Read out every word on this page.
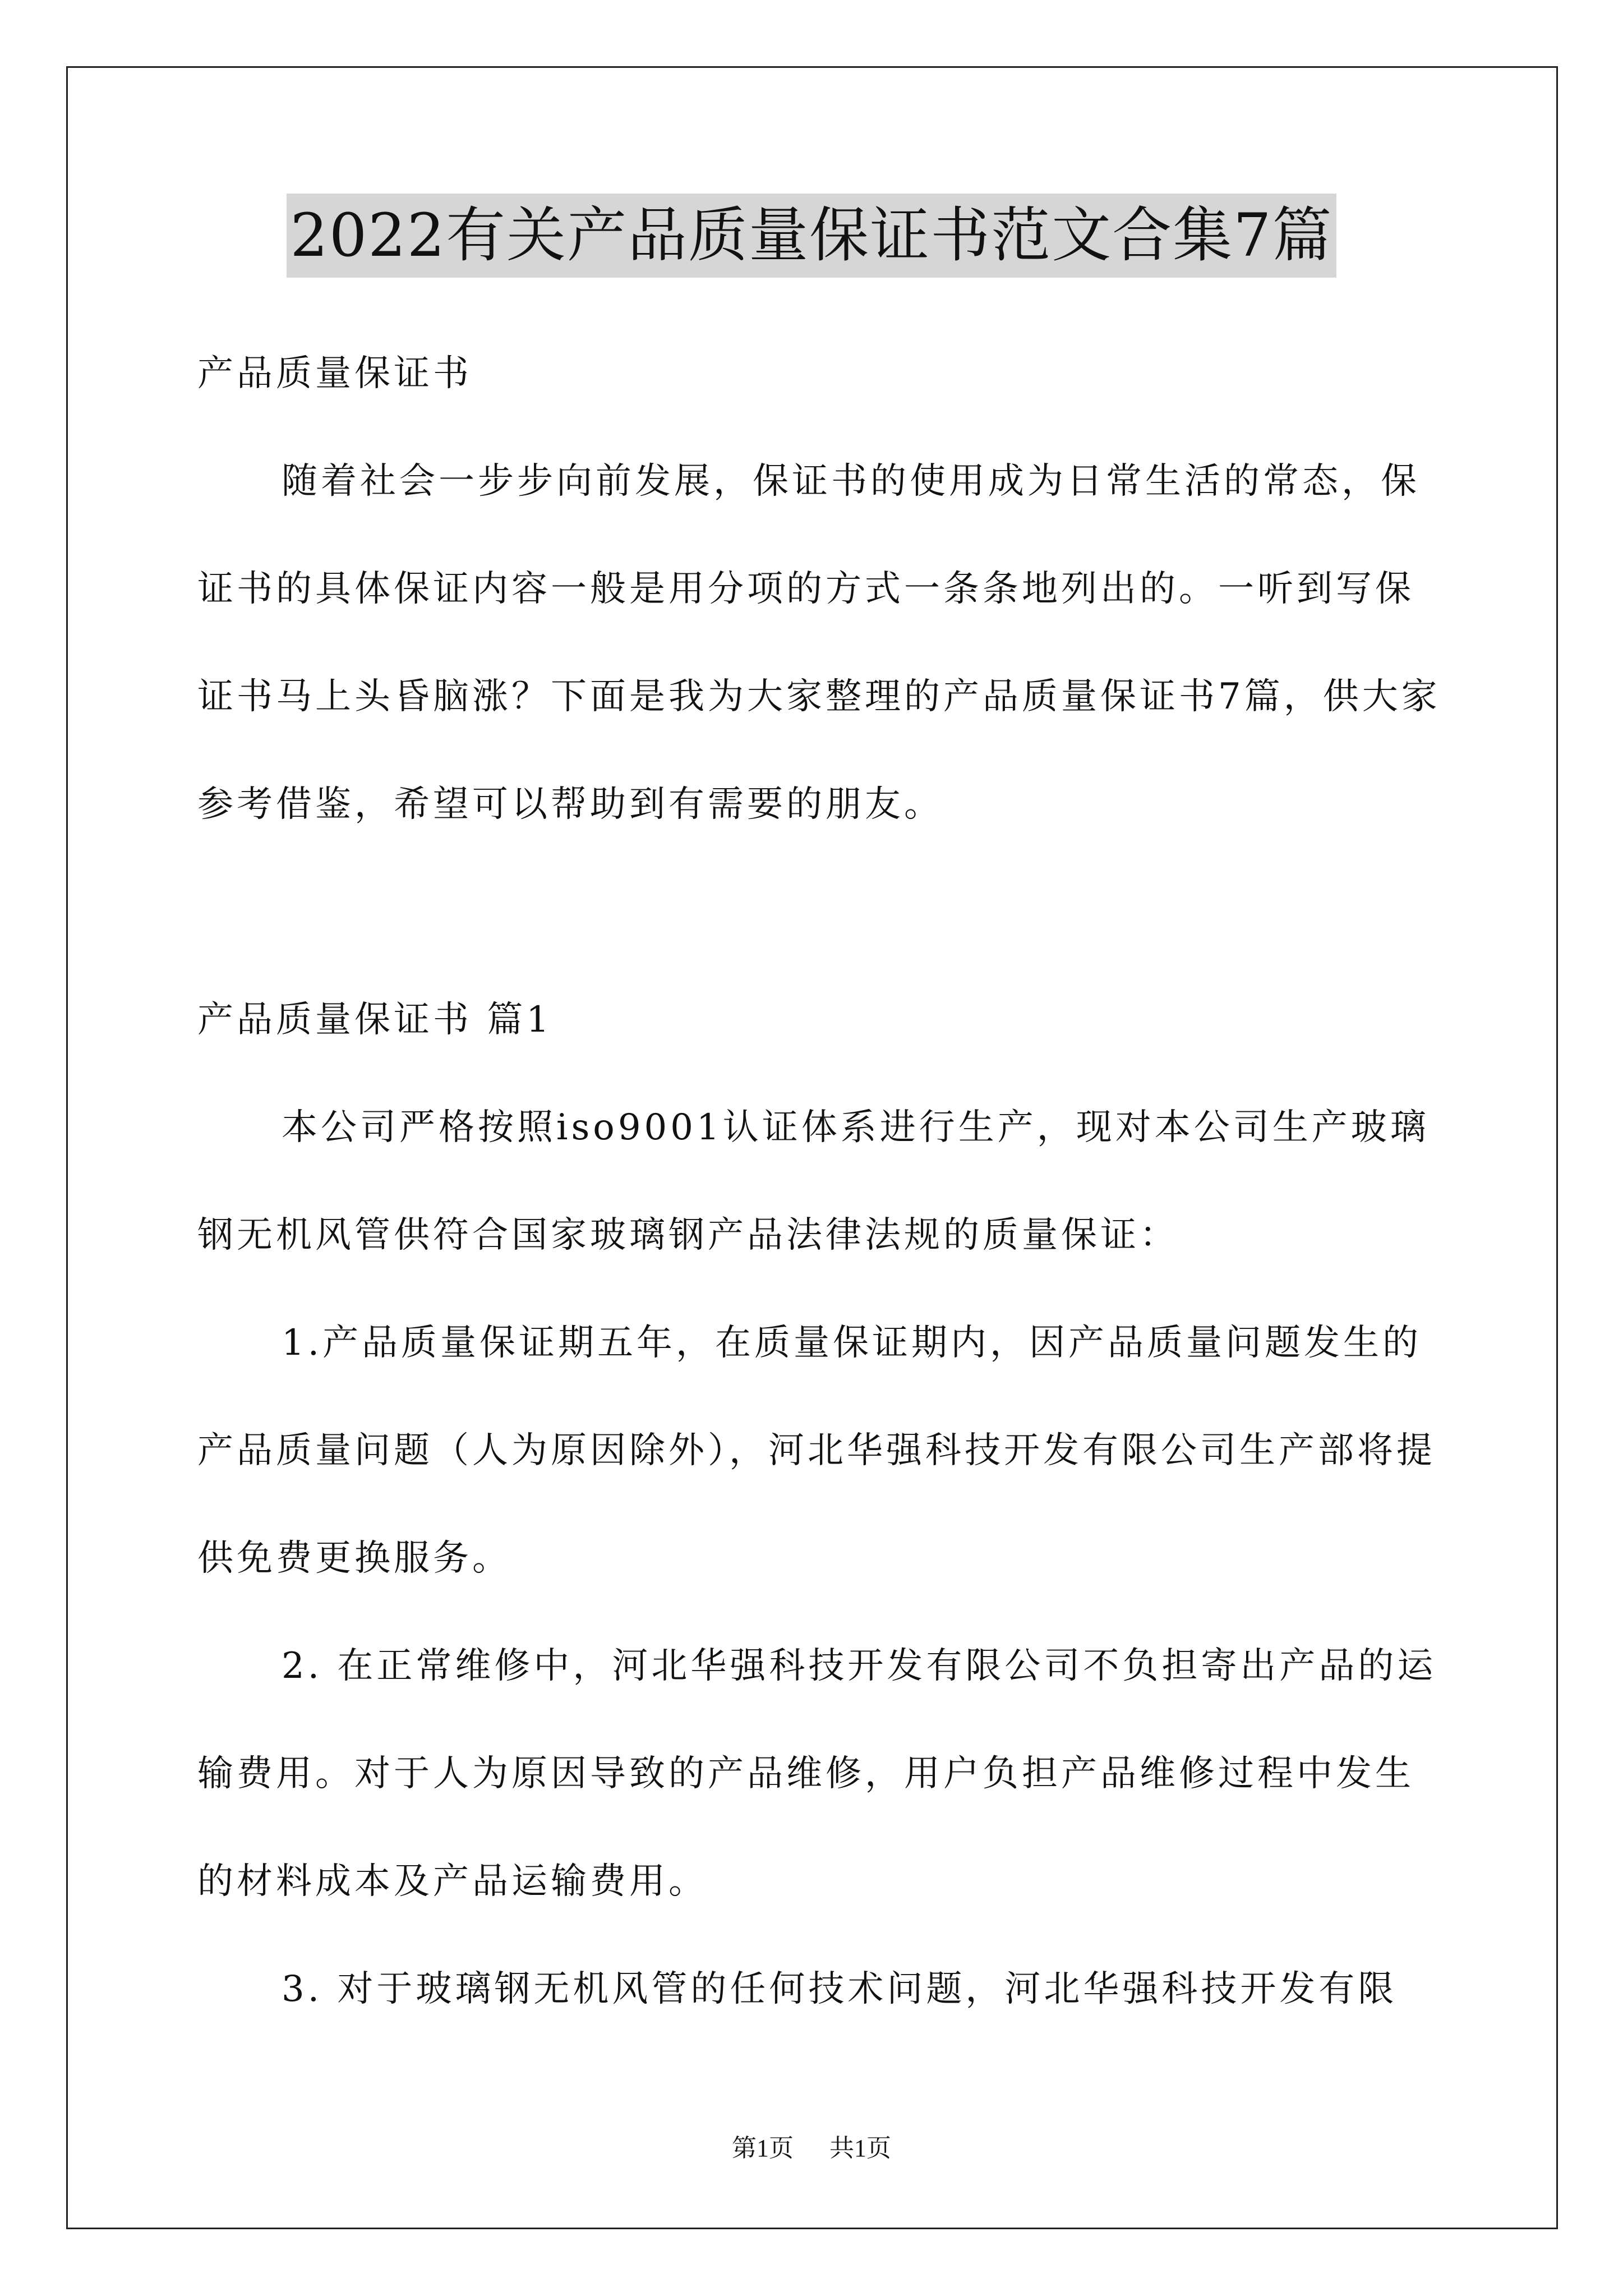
2022有关产品质量保证书范文合集7篇

产品质量保证书

随着社会一步步向前发展，保证书的使用成为日常生活的常态，保证书的具体保证内容一般是用分项的方式一条条地列出的。一听到写保证书马上头昏脑涨？下面是我为大家整理的产品质量保证书7篇，供大家参考借鉴，希望可以帮助到有需要的朋友。

产品质量保证书 篇1

本公司严格按照iso9001认证体系进行生产，现对本公司生产玻璃钢无机风管供符合国家玻璃钢产品法律法规的质量保证：

1.产品质量保证期五年，在质量保证期内，因产品质量问题发生的产品质量问题（人为原因除外），河北华强科技开发有限公司生产部将提供免费更换服务。

2. 在正常维修中，河北华强科技开发有限公司不负担寄出产品的运输费用。对于人为原因导致的产品维修，用户负担产品维修过程中发生的材料成本及产品运输费用。

3. 对于玻璃钢无机风管的任何技术问题，河北华强科技开发有限

第1页 共1页
